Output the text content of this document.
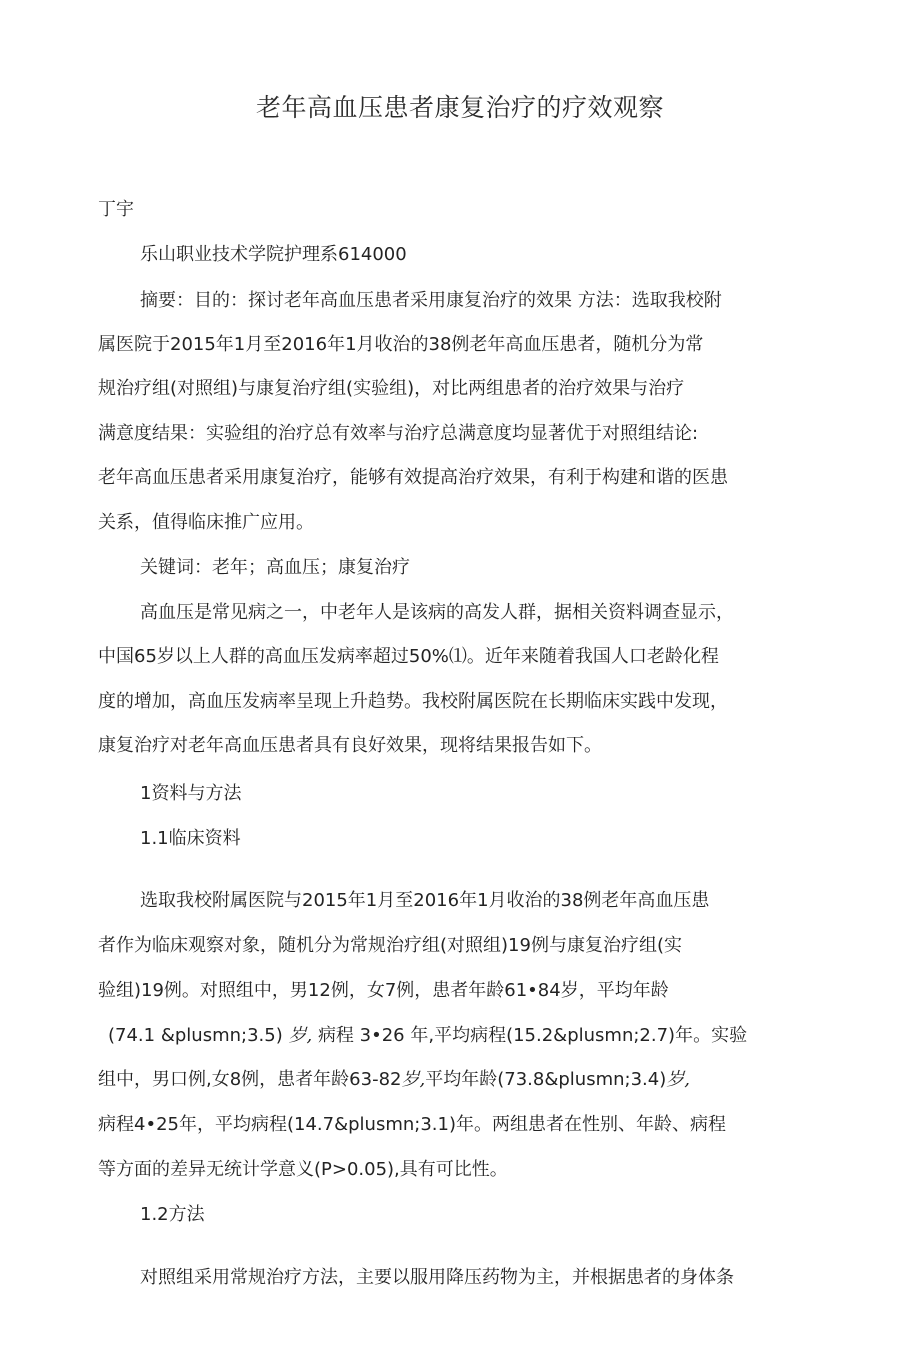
老年高血压患者康复治疗的疗效观察
丁宇
乐山职业技术学院护理系614000
摘要：目的：探讨老年高血压患者采用康复治疗的效果 方法：选取我校附
属医院于2015年1月至2016年1月收治的38例老年高血压患者，随机分为常
规治疗组(对照组)与康复治疗组(实验组)，对比两组患者的治疗效果与治疗
满意度结果：实验组的治疗总有效率与治疗总满意度均显著优于对照组结论:
老年高血压患者采用康复治疗，能够有效提高治疗效果，有利于构建和谐的医患
关系，值得临床推广应用。
关键词：老年；高血压；康复治疗
高血压是常见病之一，中老年人是该病的高发人群，据相关资料调查显示，
中国65岁以上人群的高血压发病率超过50%⑴。近年来随着我国人口老龄化程
度的增加，高血压发病率呈现上升趋势。我校附属医院在长期临床实践中发现，
康复治疗对老年高血压患者具有良好效果，现将结果报告如下。
1资料与方法
1.1临床资料
选取我校附属医院与2015年1月至2016年1月收治的38例老年高血压患
者作为临床观察对象，随机分为常规治疗组(对照组)19例与康复治疗组(实
验组)19例。对照组中，男12例，女7例，患者年龄61•84岁，平均年龄
(74.1 &plusmn;3.5) 岁, 病程 3•26 年,平均病程(15.2&plusmn;2.7)年。实验
组中，男口例,女8例，患者年龄63-82岁,平均年龄(73.8&plusmn;3.4)岁,
病程4•25年，平均病程(14.7&plusmn;3.1)年。两组患者在性别、年龄、病程
等方面的差异无统计学意义(P>0.05),具有可比性。
1.2方法
对照组采用常规治疗方法，主要以服用降压药物为主，并根据患者的身体条
